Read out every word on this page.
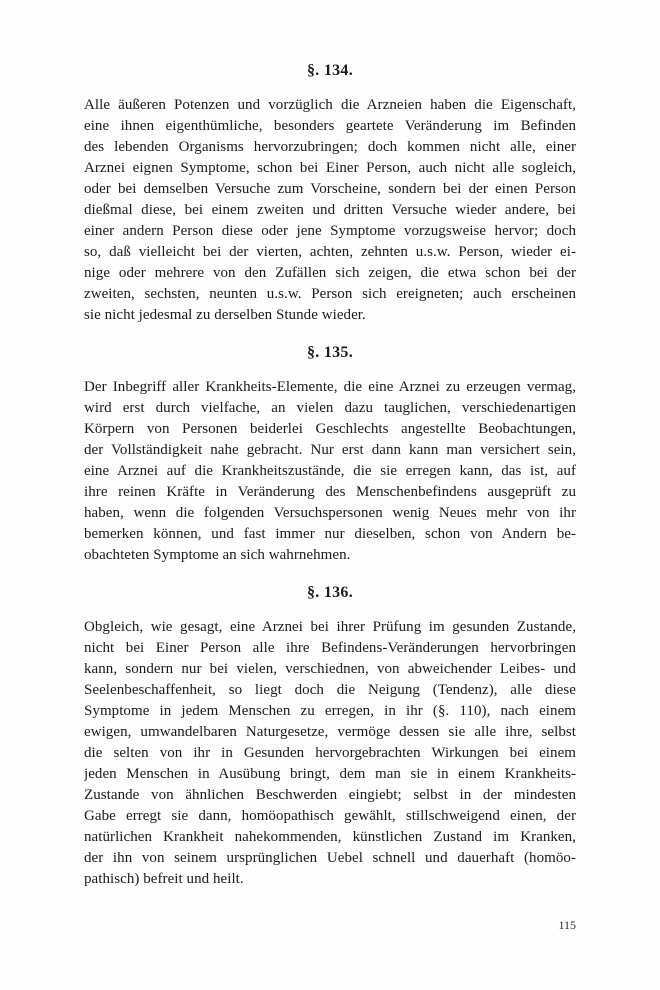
§. 134.
Alle äußeren Potenzen und vorzüglich die Arzneien haben die Eigenschaft,
eine ihnen eigenthümliche, besonders geartete Veränderung im Befinden
des lebenden Organisms hervorzubringen; doch kommen nicht alle, einer
Arznei eignen Symptome, schon bei Einer Person, auch nicht alle sogleich,
oder bei demselben Versuche zum Vorscheine, sondern bei der einen Person
dießmal diese, bei einem zweiten und dritten Versuche wieder andere, bei
einer andern Person diese oder jene Symptome vorzugsweise hervor; doch
so, daß vielleicht bei der vierten, achten, zehnten u.s.w. Person, wieder ei-
nige oder mehrere von den Zufällen sich zeigen, die etwa schon bei der
zweiten, sechsten, neunten u.s.w. Person sich ereigneten; auch erscheinen
sie nicht jedesmal zu derselben Stunde wieder.
§. 135.
Der Inbegriff aller Krankheits-Elemente, die eine Arznei zu erzeugen vermag,
wird erst durch vielfache, an vielen dazu tauglichen, verschiedenartigen
Körpern von Personen beiderlei Geschlechts angestellte Beobachtungen,
der Vollständigkeit nahe gebracht. Nur erst dann kann man versichert sein,
eine Arznei auf die Krankheitszustände, die sie erregen kann, das ist, auf
ihre reinen Kräfte in Veränderung des Menschenbefindens ausgeprüft zu
haben, wenn die folgenden Versuchspersonen wenig Neues mehr von ihr
bemerken können, und fast immer nur dieselben, schon von Andern be-
obachteten Symptome an sich wahrnehmen.
§. 136.
Obgleich, wie gesagt, eine Arznei bei ihrer Prüfung im gesunden Zustande,
nicht bei Einer Person alle ihre Befindens-Veränderungen hervorbringen
kann, sondern nur bei vielen, verschiednen, von abweichender Leibes- und
Seelenbeschaffenheit, so liegt doch die Neigung (Tendenz), alle diese
Symptome in jedem Menschen zu erregen, in ihr (§. 110), nach einem
ewigen, umwandelbaren Naturgesetze, vermöge dessen sie alle ihre, selbst
die selten von ihr in Gesunden hervorgebrachten Wirkungen bei einem
jeden Menschen in Ausübung bringt, dem man sie in einem Krankheits-
Zustande von ähnlichen Beschwerden eingiebt; selbst in der mindesten
Gabe erregt sie dann, homöopathisch gewählt, stillschweigend einen, der
natürlichen Krankheit nahekommenden, künstlichen Zustand im Kranken,
der ihn von seinem ursprünglichen Uebel schnell und dauerhaft (homöo-
pathisch) befreit und heilt.
115
